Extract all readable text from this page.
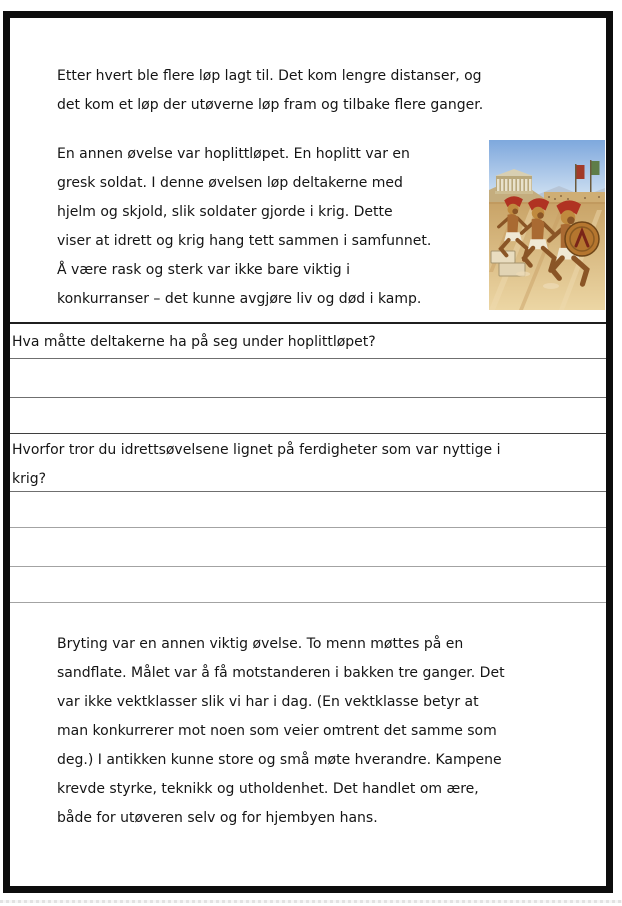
Etter hvert ble flere løp lagt til. Det kom lengre distanser, og
det kom et løp der utøverne løp fram og tilbake flere ganger.
En annen øvelse var hoplittløpet. En hoplitt var en
gresk soldat. I denne øvelsen løp deltakerne med
hjelm og skjold, slik soldater gjorde i krig. Dette
viser at idrett og krig hang tett sammen i samfunnet.
Å være rask og sterk var ikke bare viktig i
konkurranser – det kunne avgjøre liv og død i kamp.
Hva måtte deltakerne ha på seg under hoplittløpet?
Hvorfor tror du idrettsøvelsene lignet på ferdigheter som var nyttige i
krig?
Bryting var en annen viktig øvelse. To menn møttes på en
sandflate. Målet var å få motstanderen i bakken tre ganger. Det
var ikke vektklasser slik vi har i dag. (En vektklasse betyr at
man konkurrerer mot noen som veier omtrent det samme som
deg.) I antikken kunne store og små møte hverandre. Kampene
krevde styrke, teknikk og utholdenhet. Det handlet om ære,
både for utøveren selv og for hjembyen hans.
